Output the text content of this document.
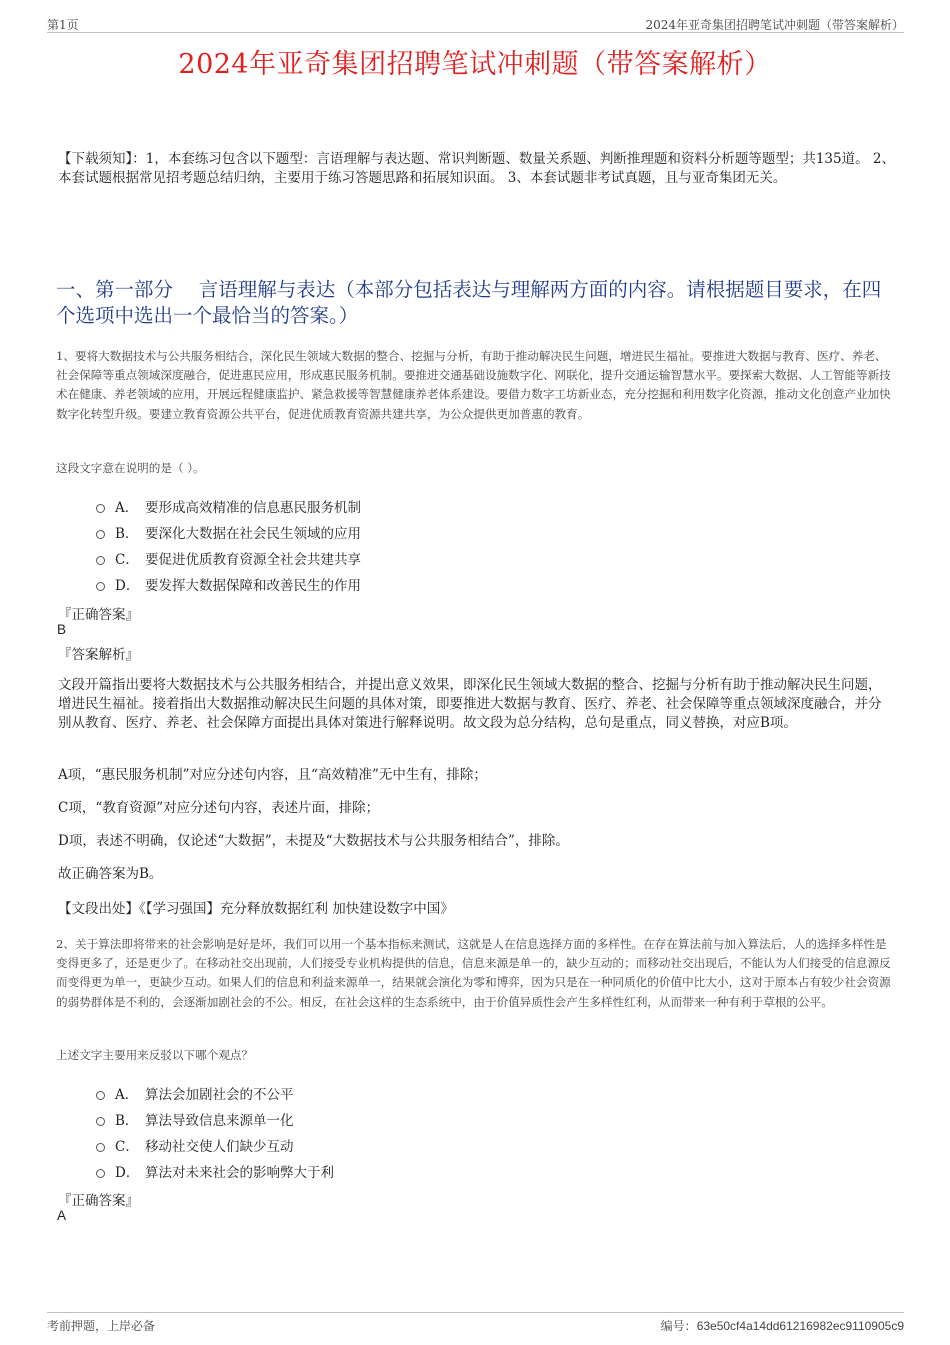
第1页	2024年亚奇集团招聘笔试冲刺题（带答案解析）
2024年亚奇集团招聘笔试冲刺题（带答案解析）
【下载须知】：1，本套练习包含以下题型：言语理解与表达题、常识判断题、数量关系题、判断推理题和资料分析题等题型；共135道。 2、本套试题根据常见招考题总结归纳，主要用于练习答题思路和拓展知识面。 3、本套试题非考试真题，且与亚奇集团无关。
一、第一部分　 言语理解与表达（本部分包括表达与理解两方面的内容。请根据题目要求，在四个选项中选出一个最恰当的答案。）
1、要将大数据技术与公共服务相结合，深化民生领域大数据的整合、挖掘与分析，有助于推动解决民生问题，增进民生福祉。要推进大数据与教育、医疗、养老、社会保障等重点领域深度融合，促进惠民应用，形成惠民服务机制。要推进交通基础设施数字化、网联化，提升交通运输智慧水平。要探索大数据、人工智能等新技术在健康、养老领域的应用，开展远程健康监护、紧急救援等智慧健康养老体系建设。要借力数字工坊新业态，充分挖掘和利用数字化资源，推动文化创意产业加快数字化转型升级。要建立教育资源公共平台，促进优质教育资源共建共享，为公众提供更加普惠的教育。
这段文字意在说明的是（ ）。
A． 要形成高效精准的信息惠民服务机制
B． 要深化大数据在社会民生领域的应用
C． 要促进优质教育资源全社会共建共享
D． 要发挥大数据保障和改善民生的作用
『正确答案』
B
『答案解析』
文段开篇指出要将大数据技术与公共服务相结合，并提出意义效果，即深化民生领域大数据的整合、挖掘与分析有助于推动解决民生问题，增进民生福祉。接着指出大数据推动解决民生问题的具体对策，即要推进大数据与教育、医疗、养老、社会保障等重点领域深度融合，并分别从教育、医疗、养老、社会保障方面提出具体对策进行解释说明。故文段为总分结构，总句是重点，同义替换，对应B项。
A项，“惠民服务机制”对应分述句内容，且“高效精准”无中生有，排除；
C项，“教育资源”对应分述句内容，表述片面，排除；
D项，表述不明确，仅论述“大数据”，未提及“大数据技术与公共服务相结合”，排除。
故正确答案为B。
【文段出处】《【学习强国】充分释放数据红利 加快建设数字中国》
2、关于算法即将带来的社会影响是好是坏，我们可以用一个基本指标来测试，这就是人在信息选择方面的多样性。在存在算法前与加入算法后，人的选择多样性是变得更多了，还是更少了。在移动社交出现前，人们接受专业机构提供的信息，信息来源是单一的，缺少互动的；而移动社交出现后，不能认为人们接受的信息源反而变得更为单一，更缺少互动。如果人们的信息和利益来源单一，结果就会演化为零和博弈，因为只是在一种同质化的价值中比大小，这对于原本占有较少社会资源的弱势群体是不利的，会逐渐加剧社会的不公。相反，在社会这样的生态系统中，由于价值异质性会产生多样性红利，从而带来一种有利于草根的公平。
上述文字主要用来反驳以下哪个观点？
A． 算法会加剧社会的不公平
B． 算法导致信息来源单一化
C． 移动社交使人们缺少互动
D． 算法对未来社会的影响弊大于利
『正确答案』
A
考前押题，上岸必备	编号：63e50cf4a14dd61216982ec9110905c9
